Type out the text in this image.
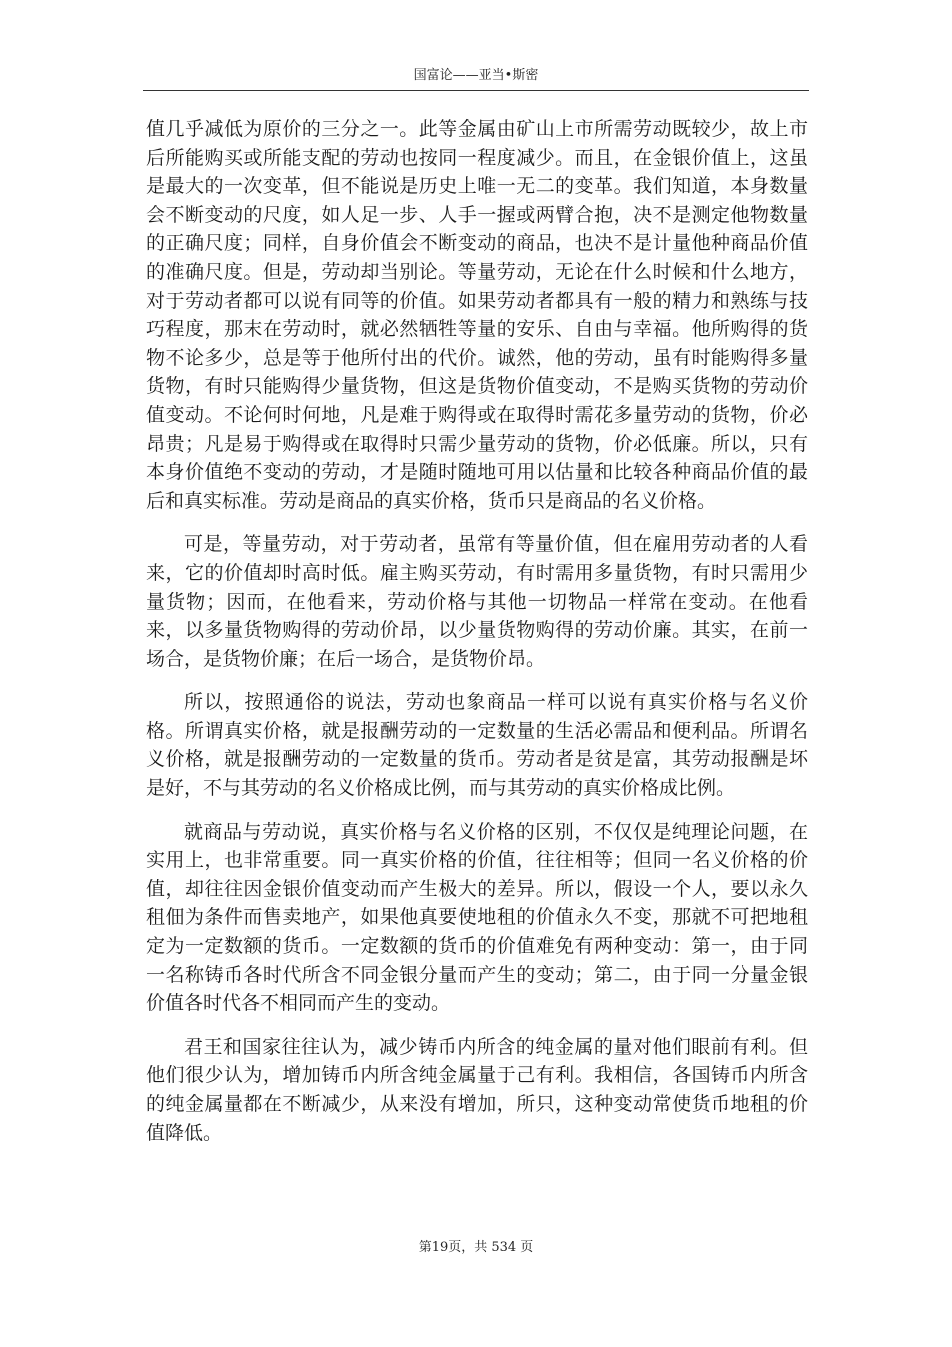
国富论——亚当•斯密

值几乎减低为原价的三分之一。此等金属由矿山上市所需劳动既较少，故上市后所能购买或所能支配的劳动也按同一程度减少。而且，在金银价值上，这虽是最大的一次变革，但不能说是历史上唯一无二的变革。我们知道，本身数量会不断变动的尺度，如人足一步、人手一握或两臂合抱，决不是测定他物数量的正确尺度；同样，自身价值会不断变动的商品，也决不是计量他种商品价值的准确尺度。但是，劳动却当别论。等量劳动，无论在什么时候和什么地方，对于劳动者都可以说有同等的价值。如果劳动者都具有一般的精力和熟练与技巧程度，那末在劳动时，就必然牺牲等量的安乐、自由与幸福。他所购得的货物不论多少，总是等于他所付出的代价。诚然，他的劳动，虽有时能购得多量货物，有时只能购得少量货物，但这是货物价值变动，不是购买货物的劳动价值变动。不论何时何地，凡是难于购得或在取得时需花多量劳动的货物，价必昂贵；凡是易于购得或在取得时只需少量劳动的货物，价必低廉。所以，只有本身价值绝不变动的劳动，才是随时随地可用以估量和比较各种商品价值的最后和真实标准。劳动是商品的真实价格，货币只是商品的名义价格。

可是，等量劳动，对于劳动者，虽常有等量价值，但在雇用劳动者的人看来，它的价值却时高时低。雇主购买劳动，有时需用多量货物，有时只需用少量货物；因而，在他看来，劳动价格与其他一切物品一样常在变动。在他看来，以多量货物购得的劳动价昂，以少量货物购得的劳动价廉。其实，在前一场合，是货物价廉；在后一场合，是货物价昂。

所以，按照通俗的说法，劳动也象商品一样可以说有真实价格与名义价格。所谓真实价格，就是报酬劳动的一定数量的生活必需品和便利品。所谓名义价格，就是报酬劳动的一定数量的货币。劳动者是贫是富，其劳动报酬是坏是好，不与其劳动的名义价格成比例，而与其劳动的真实价格成比例。

就商品与劳动说，真实价格与名义价格的区别，不仅仅是纯理论问题，在实用上，也非常重要。同一真实价格的价值，往往相等；但同一名义价格的价值，却往往因金银价值变动而产生极大的差异。所以，假设一个人，要以永久租佃为条件而售卖地产，如果他真要使地租的价值永久不变，那就不可把地租定为一定数额的货币。一定数额的货币的价值难免有两种变动：第一，由于同一名称铸币各时代所含不同金银分量而产生的变动；第二，由于同一分量金银价值各时代各不相同而产生的变动。

君王和国家往往认为，减少铸币内所含的纯金属的量对他们眼前有利。但他们很少认为，增加铸币内所含纯金属量于己有利。我相信，各国铸币内所含的纯金属量都在不断减少，从来没有增加，所只，这种变动常使货币地租的价值降低。

第19页，共 534 页
